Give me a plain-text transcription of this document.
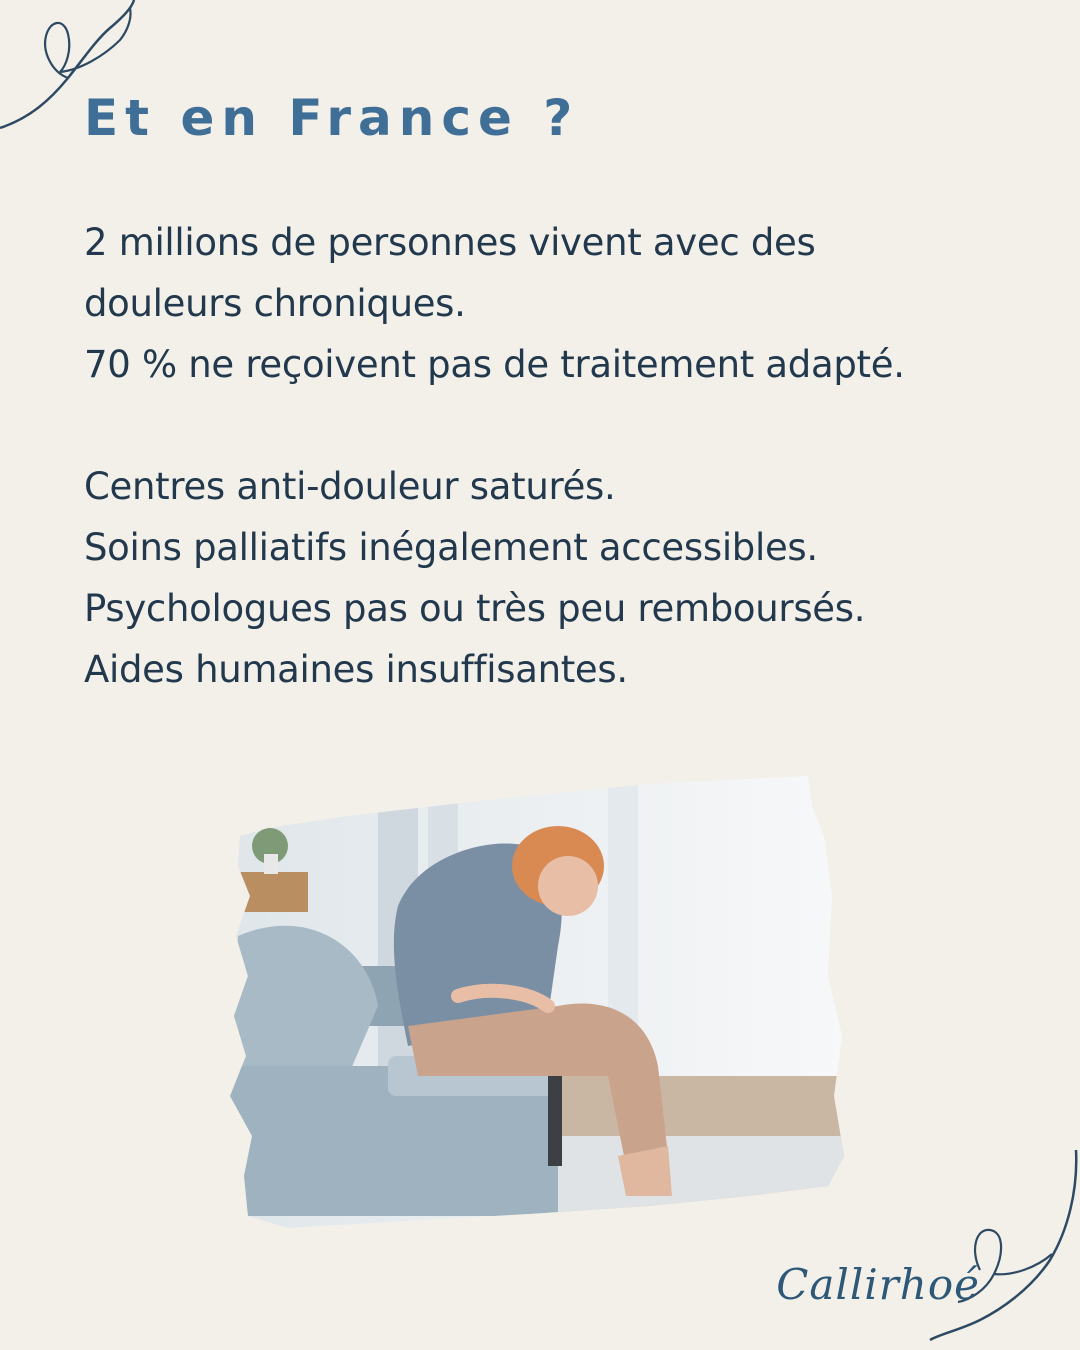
Et en France ?

2 millions de personnes vivent avec des

douleurs chroniques.

70 % ne reçoivent pas de traitement adapté.

Centres anti-douleur saturés.

Soins palliatifs inégalement accessibles.

Psychologues pas ou très peu remboursés.

Aides humaines insuffisantes.

Callirhoé
